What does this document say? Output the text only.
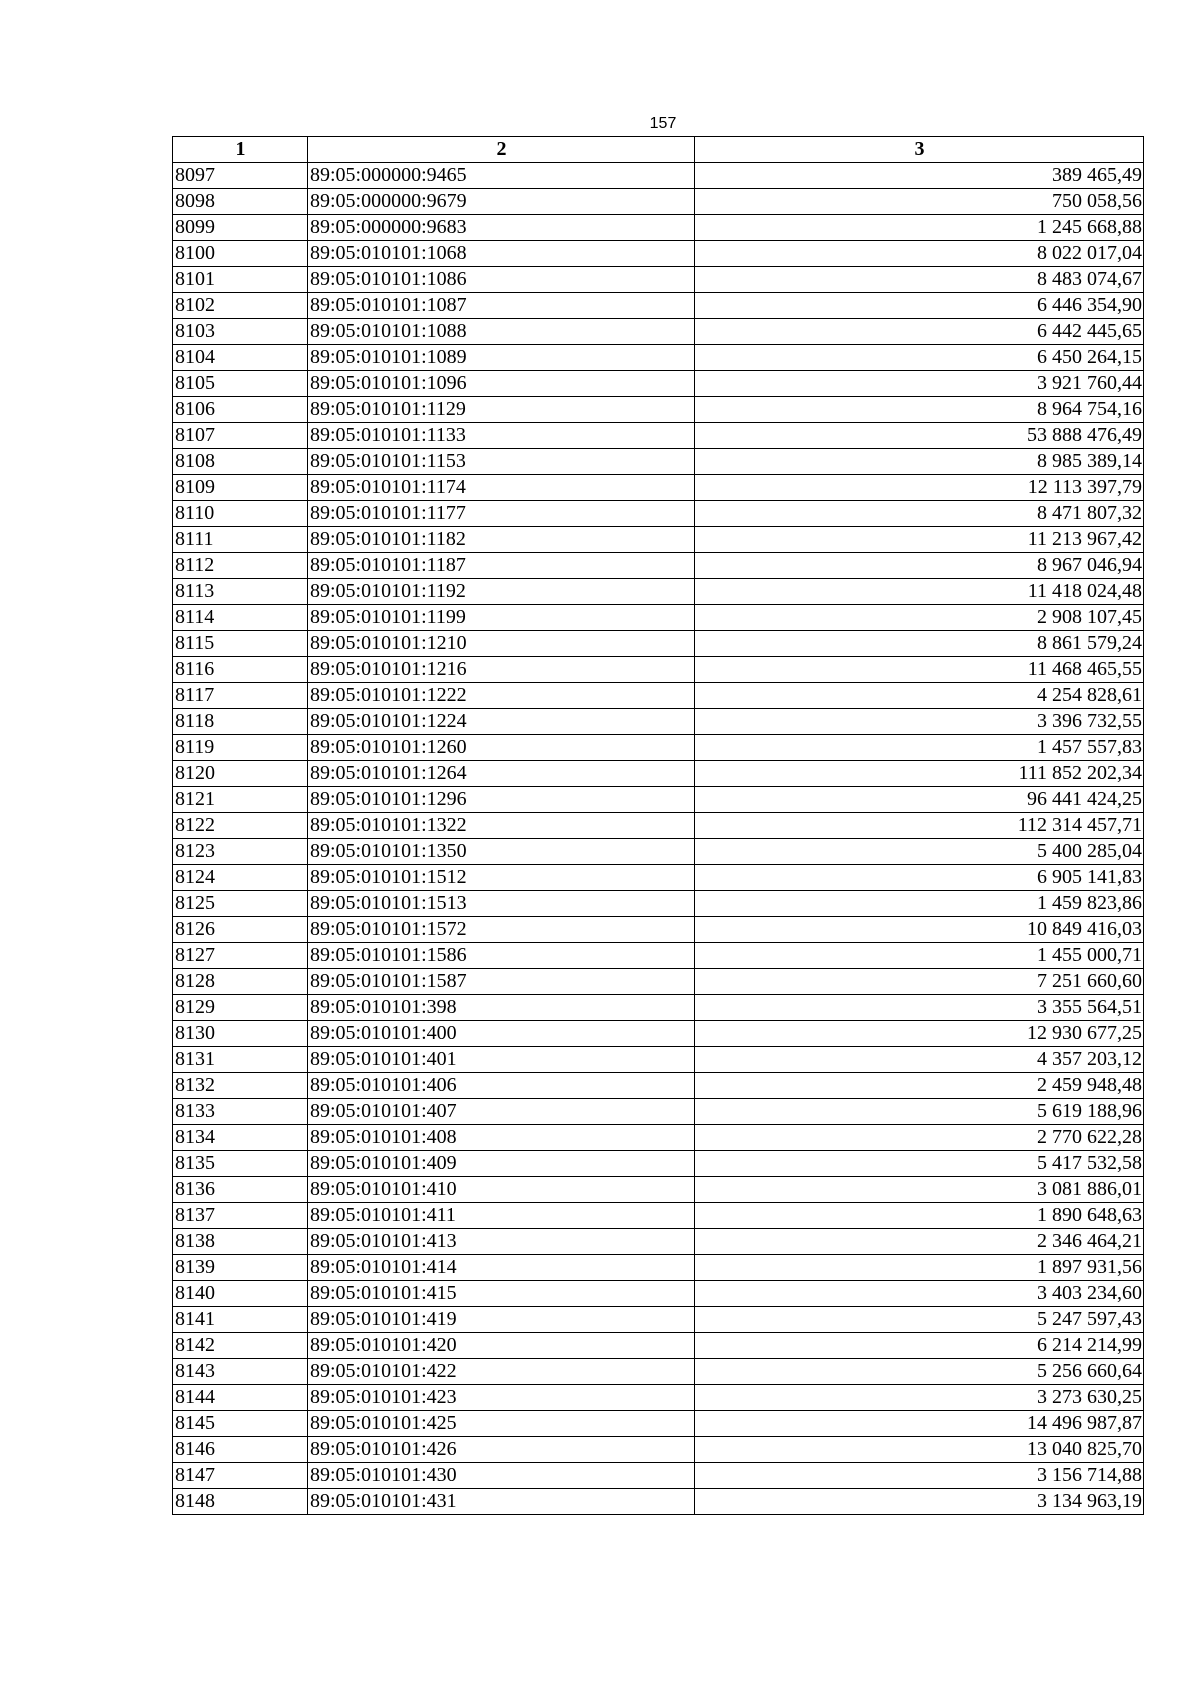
157
1	2	3
8097	89:05:000000:9465	389 465,49
8098	89:05:000000:9679	750 058,56
8099	89:05:000000:9683	1 245 668,88
8100	89:05:010101:1068	8 022 017,04
8101	89:05:010101:1086	8 483 074,67
8102	89:05:010101:1087	6 446 354,90
8103	89:05:010101:1088	6 442 445,65
8104	89:05:010101:1089	6 450 264,15
8105	89:05:010101:1096	3 921 760,44
8106	89:05:010101:1129	8 964 754,16
8107	89:05:010101:1133	53 888 476,49
8108	89:05:010101:1153	8 985 389,14
8109	89:05:010101:1174	12 113 397,79
8110	89:05:010101:1177	8 471 807,32
8111	89:05:010101:1182	11 213 967,42
8112	89:05:010101:1187	8 967 046,94
8113	89:05:010101:1192	11 418 024,48
8114	89:05:010101:1199	2 908 107,45
8115	89:05:010101:1210	8 861 579,24
8116	89:05:010101:1216	11 468 465,55
8117	89:05:010101:1222	4 254 828,61
8118	89:05:010101:1224	3 396 732,55
8119	89:05:010101:1260	1 457 557,83
8120	89:05:010101:1264	111 852 202,34
8121	89:05:010101:1296	96 441 424,25
8122	89:05:010101:1322	112 314 457,71
8123	89:05:010101:1350	5 400 285,04
8124	89:05:010101:1512	6 905 141,83
8125	89:05:010101:1513	1 459 823,86
8126	89:05:010101:1572	10 849 416,03
8127	89:05:010101:1586	1 455 000,71
8128	89:05:010101:1587	7 251 660,60
8129	89:05:010101:398	3 355 564,51
8130	89:05:010101:400	12 930 677,25
8131	89:05:010101:401	4 357 203,12
8132	89:05:010101:406	2 459 948,48
8133	89:05:010101:407	5 619 188,96
8134	89:05:010101:408	2 770 622,28
8135	89:05:010101:409	5 417 532,58
8136	89:05:010101:410	3 081 886,01
8137	89:05:010101:411	1 890 648,63
8138	89:05:010101:413	2 346 464,21
8139	89:05:010101:414	1 897 931,56
8140	89:05:010101:415	3 403 234,60
8141	89:05:010101:419	5 247 597,43
8142	89:05:010101:420	6 214 214,99
8143	89:05:010101:422	5 256 660,64
8144	89:05:010101:423	3 273 630,25
8145	89:05:010101:425	14 496 987,87
8146	89:05:010101:426	13 040 825,70
8147	89:05:010101:430	3 156 714,88
8148	89:05:010101:431	3 134 963,19
